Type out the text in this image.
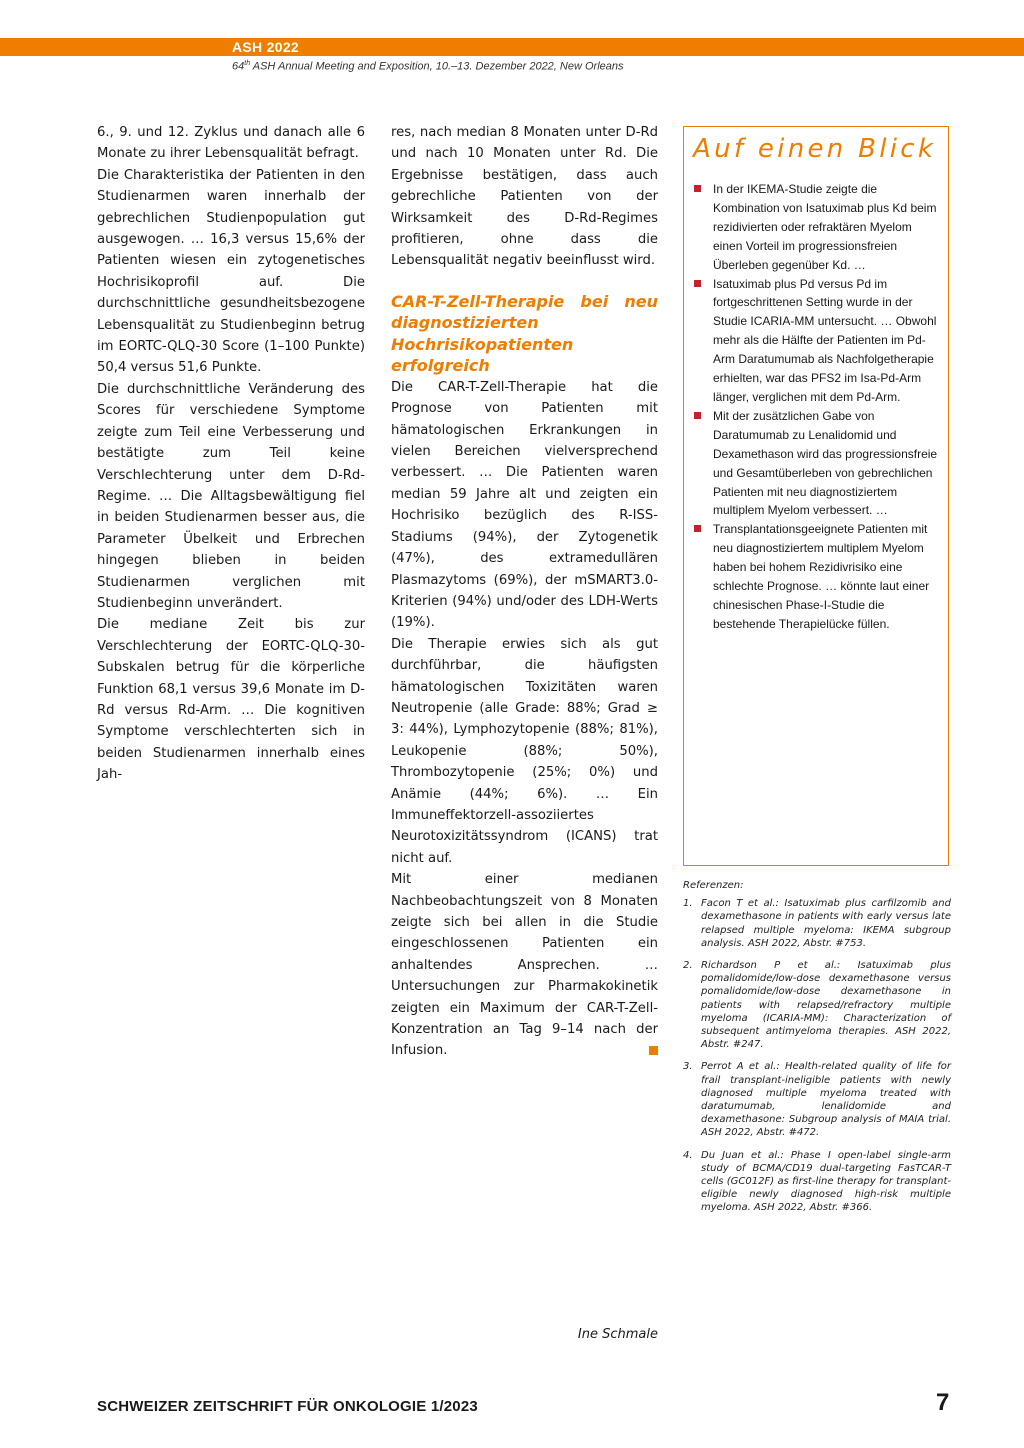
ASH 2022
64th ASH Annual Meeting and Exposition, 10.–13. Dezember 2022, New Orleans

6., 9. und 12. Zyklus und danach alle 6 Monate zu ihrer Lebensqualität befragt.

Die Charakteristika der Patienten in den Studienarmen waren innerhalb der gebrechlichen Studienpopulation gut ausgewogen. … 16,3 versus 15,6% der Patienten wiesen ein zytogenetisches Hochrisikoprofil auf. Die durchschnittliche gesundheitsbezogene Lebensqualität zu Studienbeginn betrug im EORTC-QLQ-30 Score (1–100 Punkte) 50,4 versus 51,6 Punkte.

Die durchschnittliche Veränderung des Scores für verschiedene Symptome zeigte zum Teil eine Verbesserung und bestätigte zum Teil keine Verschlechterung unter dem D-Rd-Regime. … Die Alltagsbewältigung fiel in beiden Studienarmen besser aus, die Parameter Übelkeit und Erbrechen hingegen blieben in beiden Studienarmen verglichen mit Studienbeginn unverändert.

Die mediane Zeit bis zur Verschlechterung der EORTC-QLQ-30-Subskalen betrug für die körperliche Funktion 68,1 versus 39,6 Monate im D-Rd versus Rd-Arm. … Die kognitiven Symptome verschlechterten sich in beiden Studienarmen innerhalb eines Jah-

res, nach median 8 Monaten unter D-Rd und nach 10 Monaten unter Rd. Die Ergebnisse bestätigen, dass auch gebrechliche Patienten von der Wirksamkeit des D-Rd-Regimes profitieren, ohne dass die Lebensqualität negativ beeinflusst wird.

CAR-T-Zell-Therapie bei neu diagnostizierten Hochrisikopatienten erfolgreich

Die CAR-T-Zell-Therapie hat die Prognose von Patienten mit hämatologischen Erkrankungen in vielen Bereichen vielversprechend verbessert. … Die Patienten waren median 59 Jahre alt und zeigten ein Hochrisiko bezüglich des R-ISS-Stadiums (94%), der Zytogenetik (47%), des extramedullären Plasmazytoms (69%), der mSMART3.0-Kriterien (94%) und/oder des LDH-Werts (19%).

Die Therapie erwies sich als gut durchführbar, die häufigsten hämatologischen Toxizitäten waren Neutropenie (alle Grade: 88%; Grad ≥ 3: 44%), Lymphozytopenie (88%; 81%), Leukopenie (88%; 50%), Thrombozytopenie (25%; 0%) und Anämie (44%; 6%). … Ein Immuneffektorzell-assoziiertes Neurotoxizitätssyndrom (ICANS) trat nicht auf.

Mit einer medianen Nachbeobachtungszeit von 8 Monaten zeigte sich bei allen in die Studie eingeschlossenen Patienten ein anhaltendes Ansprechen. … Untersuchungen zur Pharmakokinetik zeigten ein Maximum der CAR-T-Zell-Konzentration an Tag 9–14 nach der Infusion.

Ine Schmale
Auf einen Blick
In der IKEMA-Studie zeigte die Kombination von Isatuximab plus Kd beim rezidivierten oder refraktären Myelom einen Vorteil im progressionsfreien Überleben gegenüber Kd. …
Isatuximab plus Pd versus Pd im fortgeschrittenen Setting wurde in der Studie ICARIA-MM untersucht. … Obwohl mehr als die Hälfte der Patienten im Pd-Arm Daratumumab als Nachfolgetherapie erhielten, war das PFS2 im Isa-Pd-Arm länger, verglichen mit dem Pd-Arm.
Mit der zusätzlichen Gabe von Daratumumab zu Lenalidomid und Dexamethason wird das progressionsfreie und Gesamtüberleben von gebrechlichen Patienten mit neu diagnostiziertem multiplem Myelom verbessert. …
Transplantationsgeeignete Patienten mit neu diagnostiziertem multiplem Myelom haben bei hohem Rezidivrisiko eine schlechte Prognose. … könnte laut einer chinesischen Phase-I-Studie die bestehende Therapielücke füllen.

Referenzen:

1. Facon T et al.: Isatuximab plus carfilzomib and dexamethasone in patients with early versus late relapsed multiple myeloma: IKEMA subgroup analysis. ASH 2022, Abstr. #753.
2. Richardson P et al.: Isatuximab plus pomalidomide/low-dose dexamethasone versus pomalidomide/low-dose dexamethasone in patients with relapsed/refractory multiple myeloma (ICARIA-MM): Characterization of subsequent antimyeloma therapies. ASH 2022, Abstr. #247.
3. Perrot A et al.: Health-related quality of life for frail transplant-ineligible patients with newly diagnosed multiple myeloma treated with daratumumab, lenalidomide and dexamethasone: Subgroup analysis of MAIA trial. ASH 2022, Abstr. #472.
4. Du Juan et al.: Phase I open-label single-arm study of BCMA/CD19 dual-targeting FasTCAR-T cells (GC012F) as first-line therapy for transplant-eligible newly diagnosed high-risk multiple myeloma. ASH 2022, Abstr. #366.
SCHWEIZER ZEITSCHRIFT FÜR ONKOLOGIE 1/2023	7
